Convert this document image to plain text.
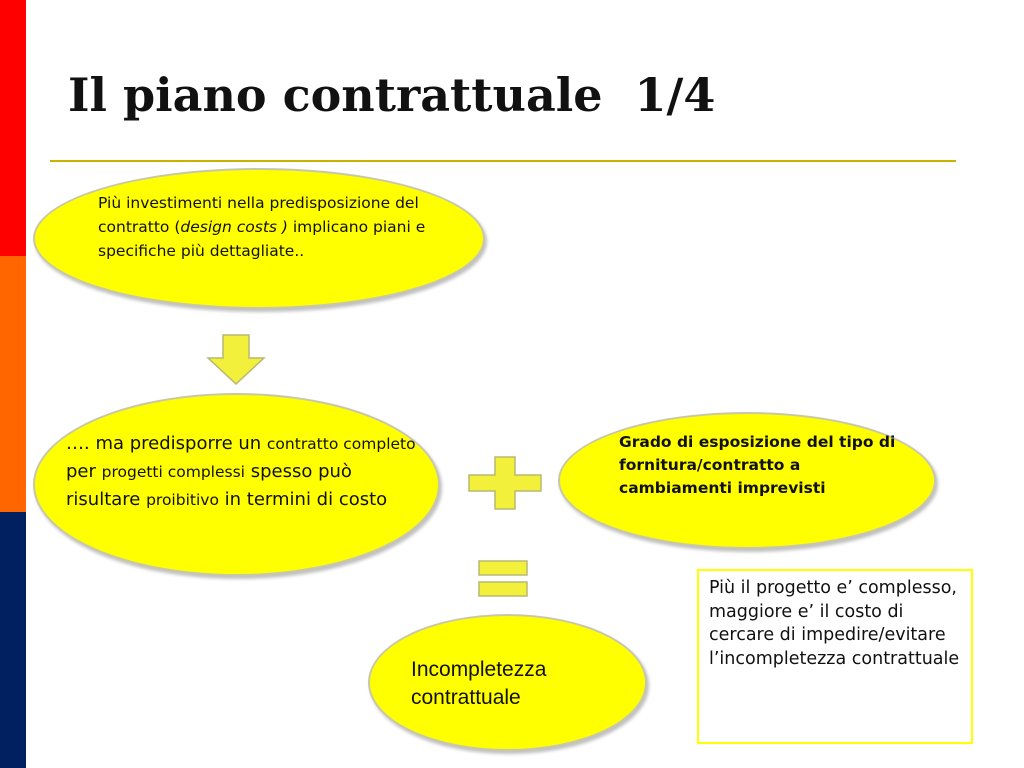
Il piano contrattuale  1/4

Più investimenti nella predisposizione del contratto (design costs ) implicano piani e specifiche più dettagliate..

…. ma predisporre un contratto completo per progetti complessi spesso può risultare proibitivo in termini di costo

Grado di esposizione del tipo di fornitura/contratto a cambiamenti imprevisti

Incompletezza contrattuale

Più il progetto e’ complesso, maggiore e’ il costo di cercare di impedire/evitare l’incompletezza contrattuale
